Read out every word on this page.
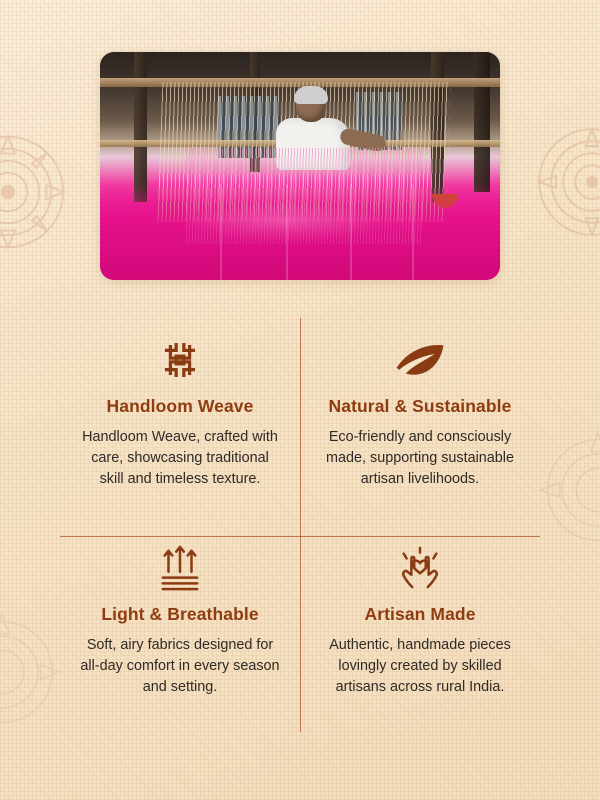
Handloom Weave

Handloom Weave, crafted with care, showcasing traditional skill and timeless texture.

Natural & Sustainable

Eco-friendly and consciously made, supporting sustainable artisan livelihoods.

Light & Breathable

Soft, airy fabrics designed for all-day comfort in every season and setting.

Artisan Made

Authentic, handmade pieces lovingly created by skilled artisans across rural India.
